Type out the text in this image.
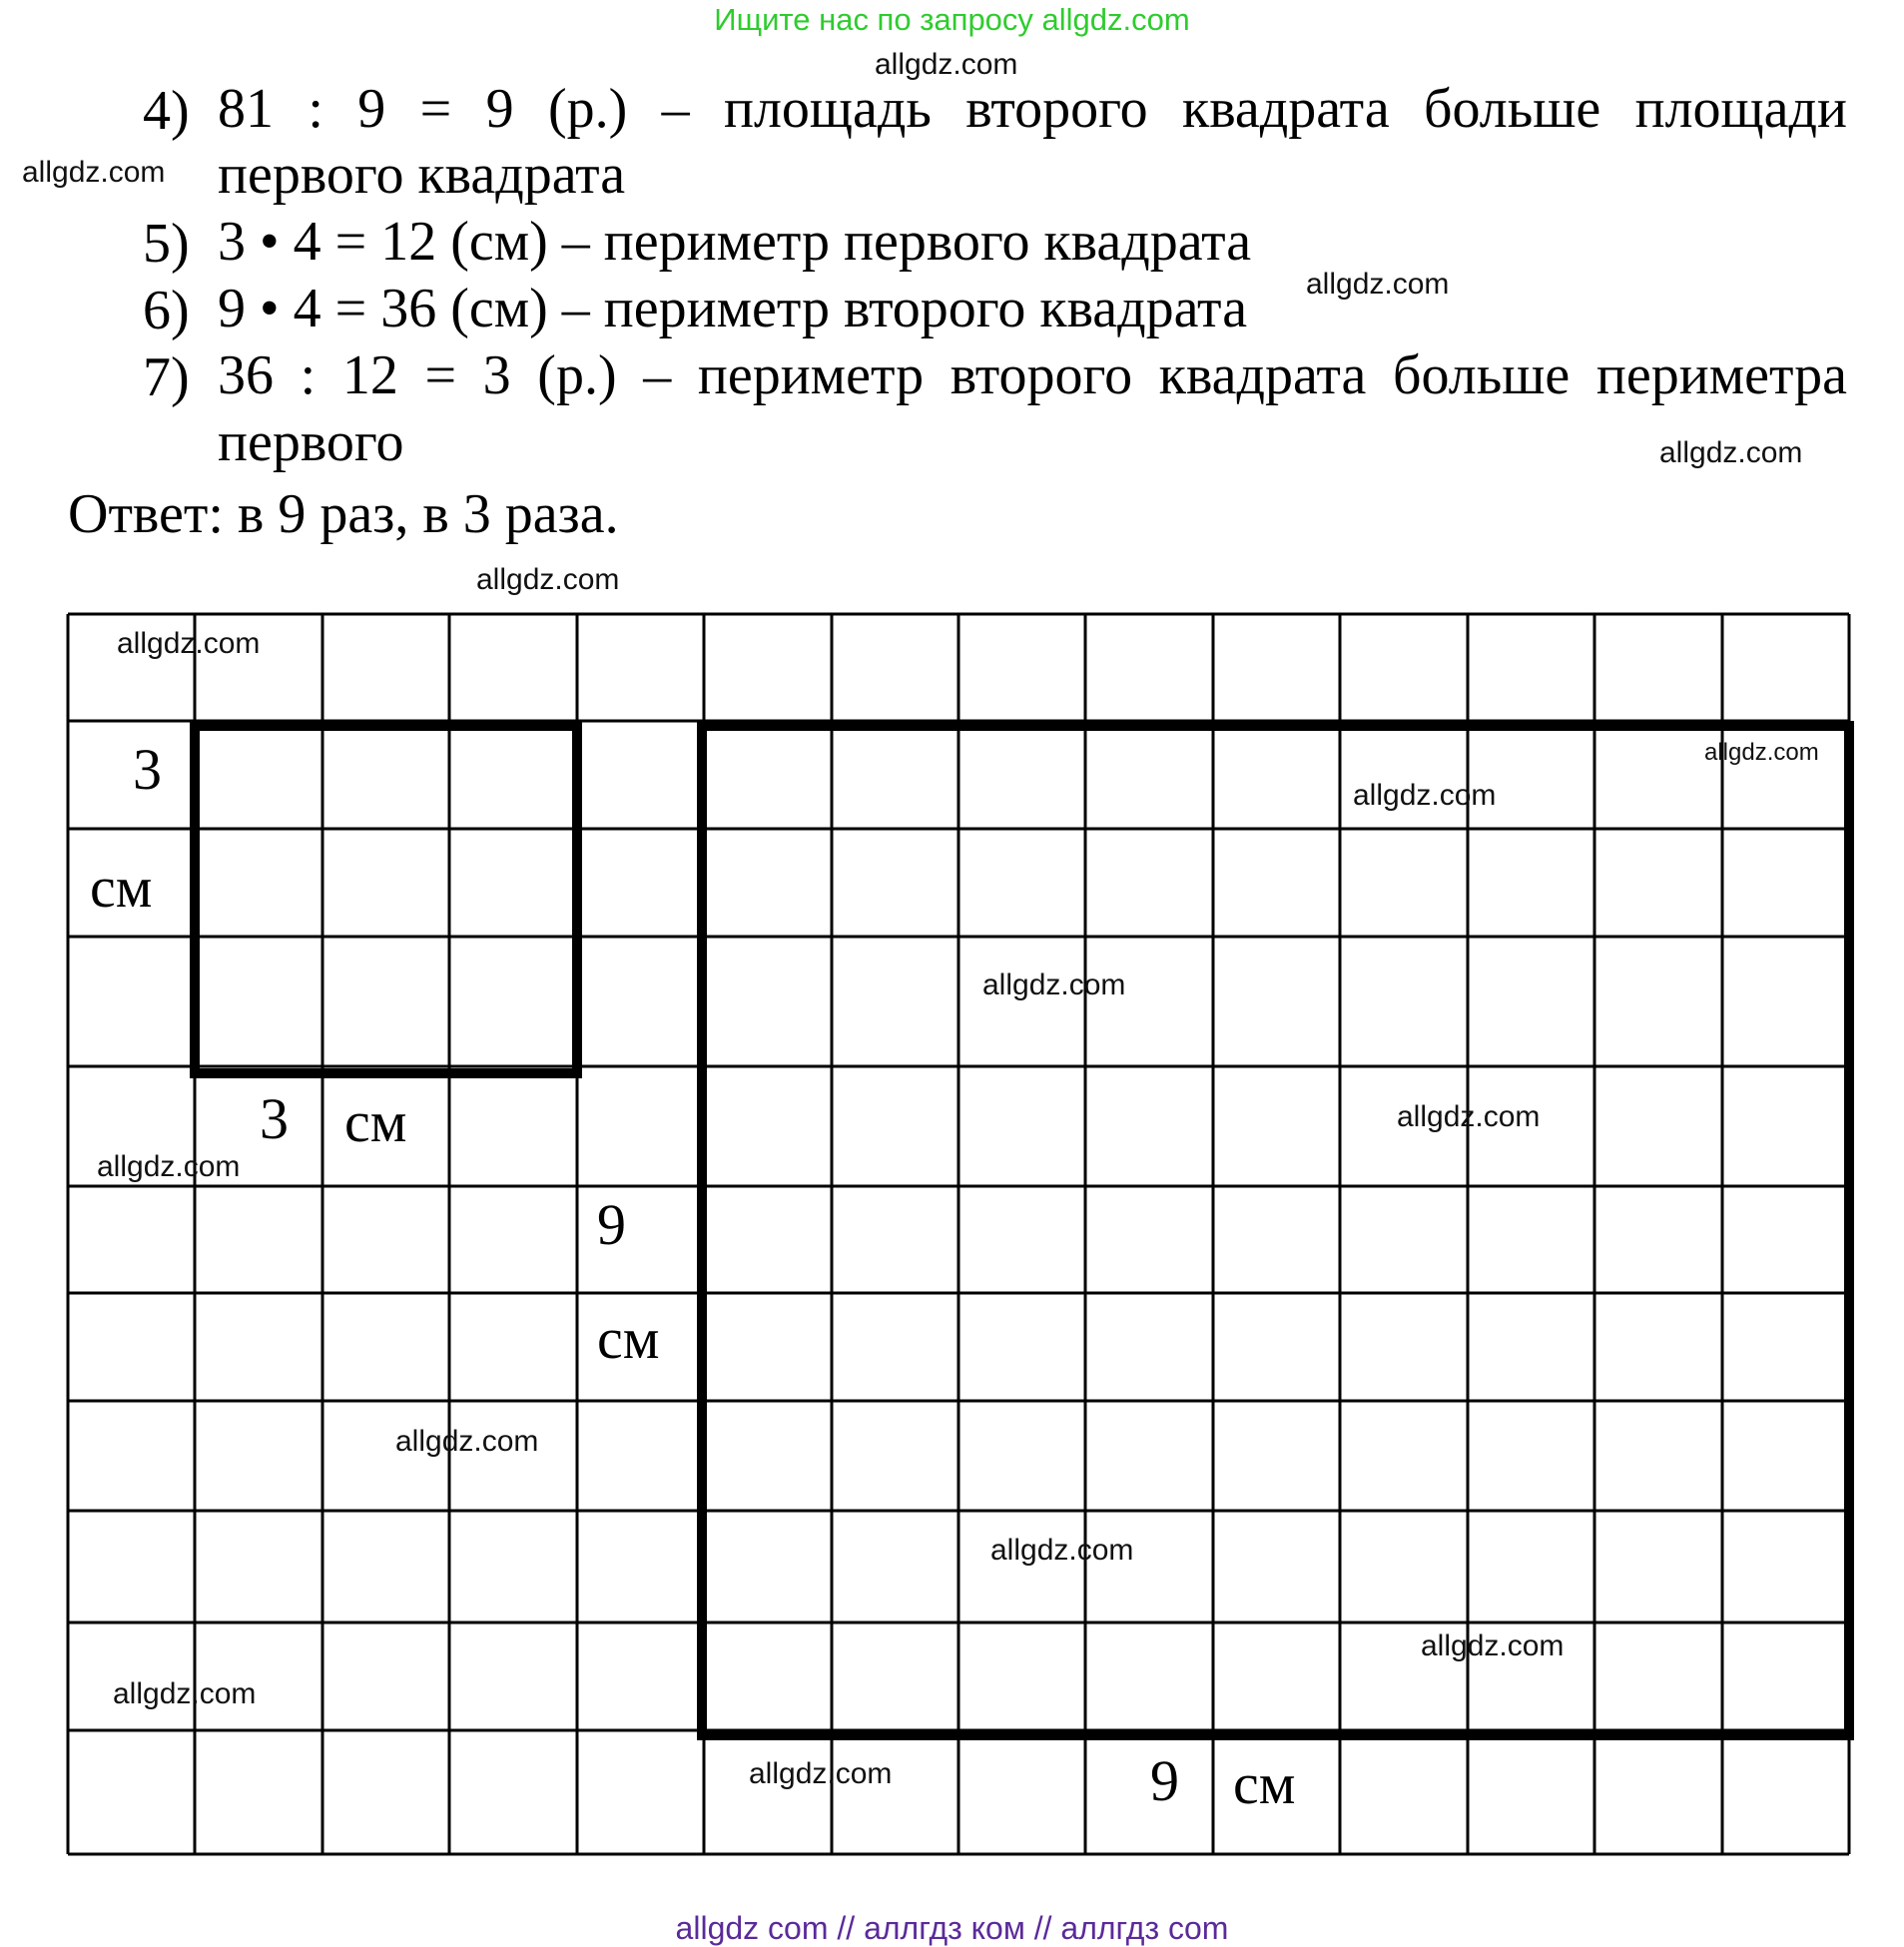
Ищите нас по запросу allgdz.com
allgdz.com
allgdz.com
allgdz.com
allgdz.com
allgdz.com
4) 81 : 9 = 9 (р.) – площадь второго квадрата больше площади
первого квадрата
5) 3 • 4 = 12 (см) – периметр первого квадрата
6) 9 • 4 = 36 (см) – периметр второго квадрата
7) 36 : 12 = 3 (р.) – периметр второго квадрата больше периметра
первого
Ответ: в 9 раз, в 3 раза.
3
см
3 см
9
см
9 см
allgdz.com
allgdz.com
allgdz.com
allgdz.com
allgdz.com
allgdz.com
allgdz.com
allgdz.com
allgdz.com
allgdz.com
allgdz.com
allgdz com // аллгдз ком // аллгдз com
